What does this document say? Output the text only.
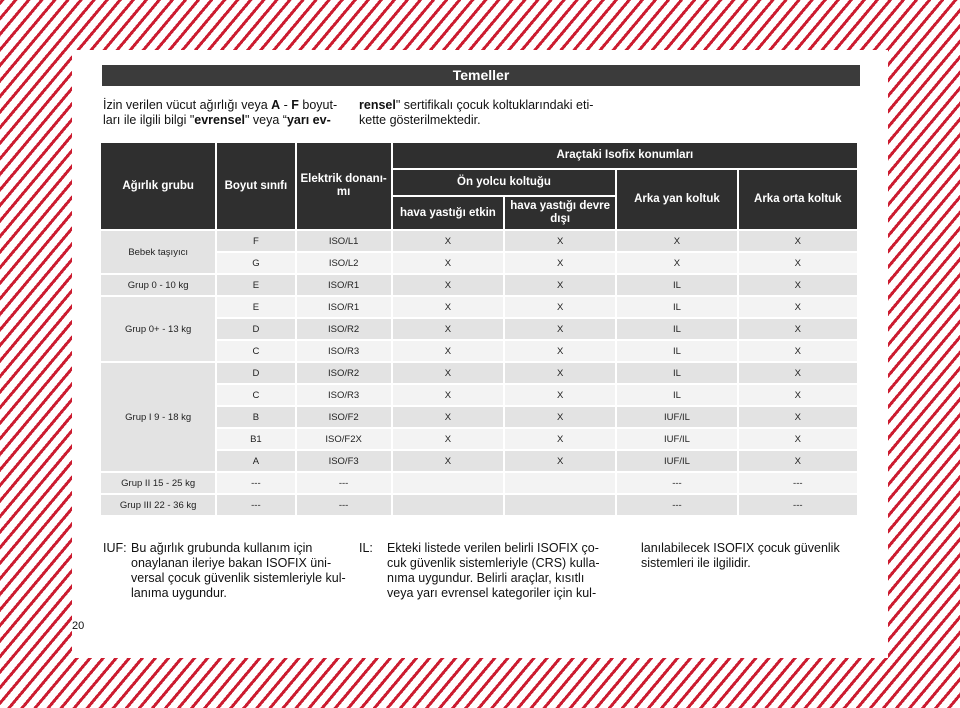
Temeller
İzin verilen vücut ağırlığı veya A - F boyut-ları ile ilgili bilgi "evrensel" veya “yarı ev-
rensel" sertifikalı çocuk koltuklarındaki eti-kette gösterilmektedir.
Ağırlık grubu	Boyut sınıfı	Elektrik donanı-mı	Araçtaki Isofix konumları			
			Ön yolcu koltuğu		Arka yan koltuk	Arka orta koltuk
			hava yastığı etkin	hava yastığı devre dışı		
Bebek taşıyıcı	F	ISO/L1	X	X	X	X
	G	ISO/L2	X	X	X	X
Grup 0 - 10 kg	E	ISO/R1	X	X	IL	X
Grup 0+ - 13 kg	E	ISO/R1	X	X	IL	X
	D	ISO/R2	X	X	IL	X
	C	ISO/R3	X	X	IL	X
Grup I 9 - 18 kg	D	ISO/R2	X	X	IL	X
	C	ISO/R3	X	X	IL	X
	B	ISO/F2	X	X	IUF/IL	X
	B1	ISO/F2X	X	X	IUF/IL	X
	A	ISO/F3	X	X	IUF/IL	X
Grup II 15 - 25 kg	---	---			---	---
Grup III 22 - 36 kg	---	---			---	---
IUF: Bu ağırlık grubunda kullanım için onaylanan ileriye bakan ISOFIX üni-versal çocuk güvenlik sistemleriyle kul-lanıma uygundur.
IL: Ekteki listede verilen belirli ISOFIX ço-cuk güvenlik sistemleriyle (CRS) kulla-nıma uygundur. Belirli araçlar, kısıtlı veya yarı evrensel kategoriler için kul-
lanılabilecek ISOFIX çocuk güvenlik sistemleri ile ilgilidir.
20
